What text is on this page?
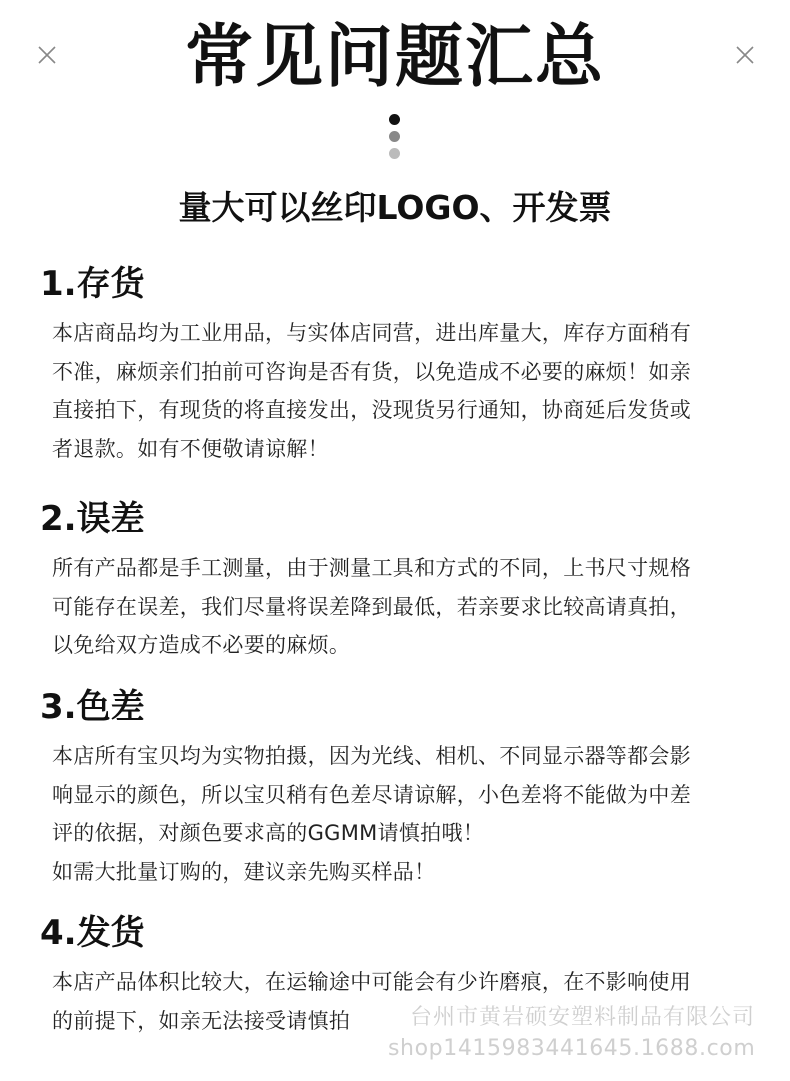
常见问题汇总
量大可以丝印LOGO、开发票
1.存货
本店商品均为工业用品，与实体店同营，进出库量大，库存方面稍有
不准，麻烦亲们拍前可咨询是否有货，以免造成不必要的麻烦！如亲
直接拍下，有现货的将直接发出，没现货另行通知，协商延后发货或
者退款。如有不便敬请谅解！
2.误差
所有产品都是手工测量，由于测量工具和方式的不同，上书尺寸规格
可能存在误差，我们尽量将误差降到最低，若亲要求比较高请真拍，
以免给双方造成不必要的麻烦。
3.色差
本店所有宝贝均为实物拍摄，因为光线、相机、不同显示器等都会影
响显示的颜色，所以宝贝稍有色差尽请谅解，小色差将不能做为中差
评的依据，对颜色要求高的GGMM请慎拍哦！
如需大批量订购的，建议亲先购买样品！
4.发货
本店产品体积比较大，在运输途中可能会有少许磨痕，在不影响使用
的前提下，如亲无法接受请慎拍	台州市黄岩硕安塑料制品有限公司
shop1415983441645.1688.com
